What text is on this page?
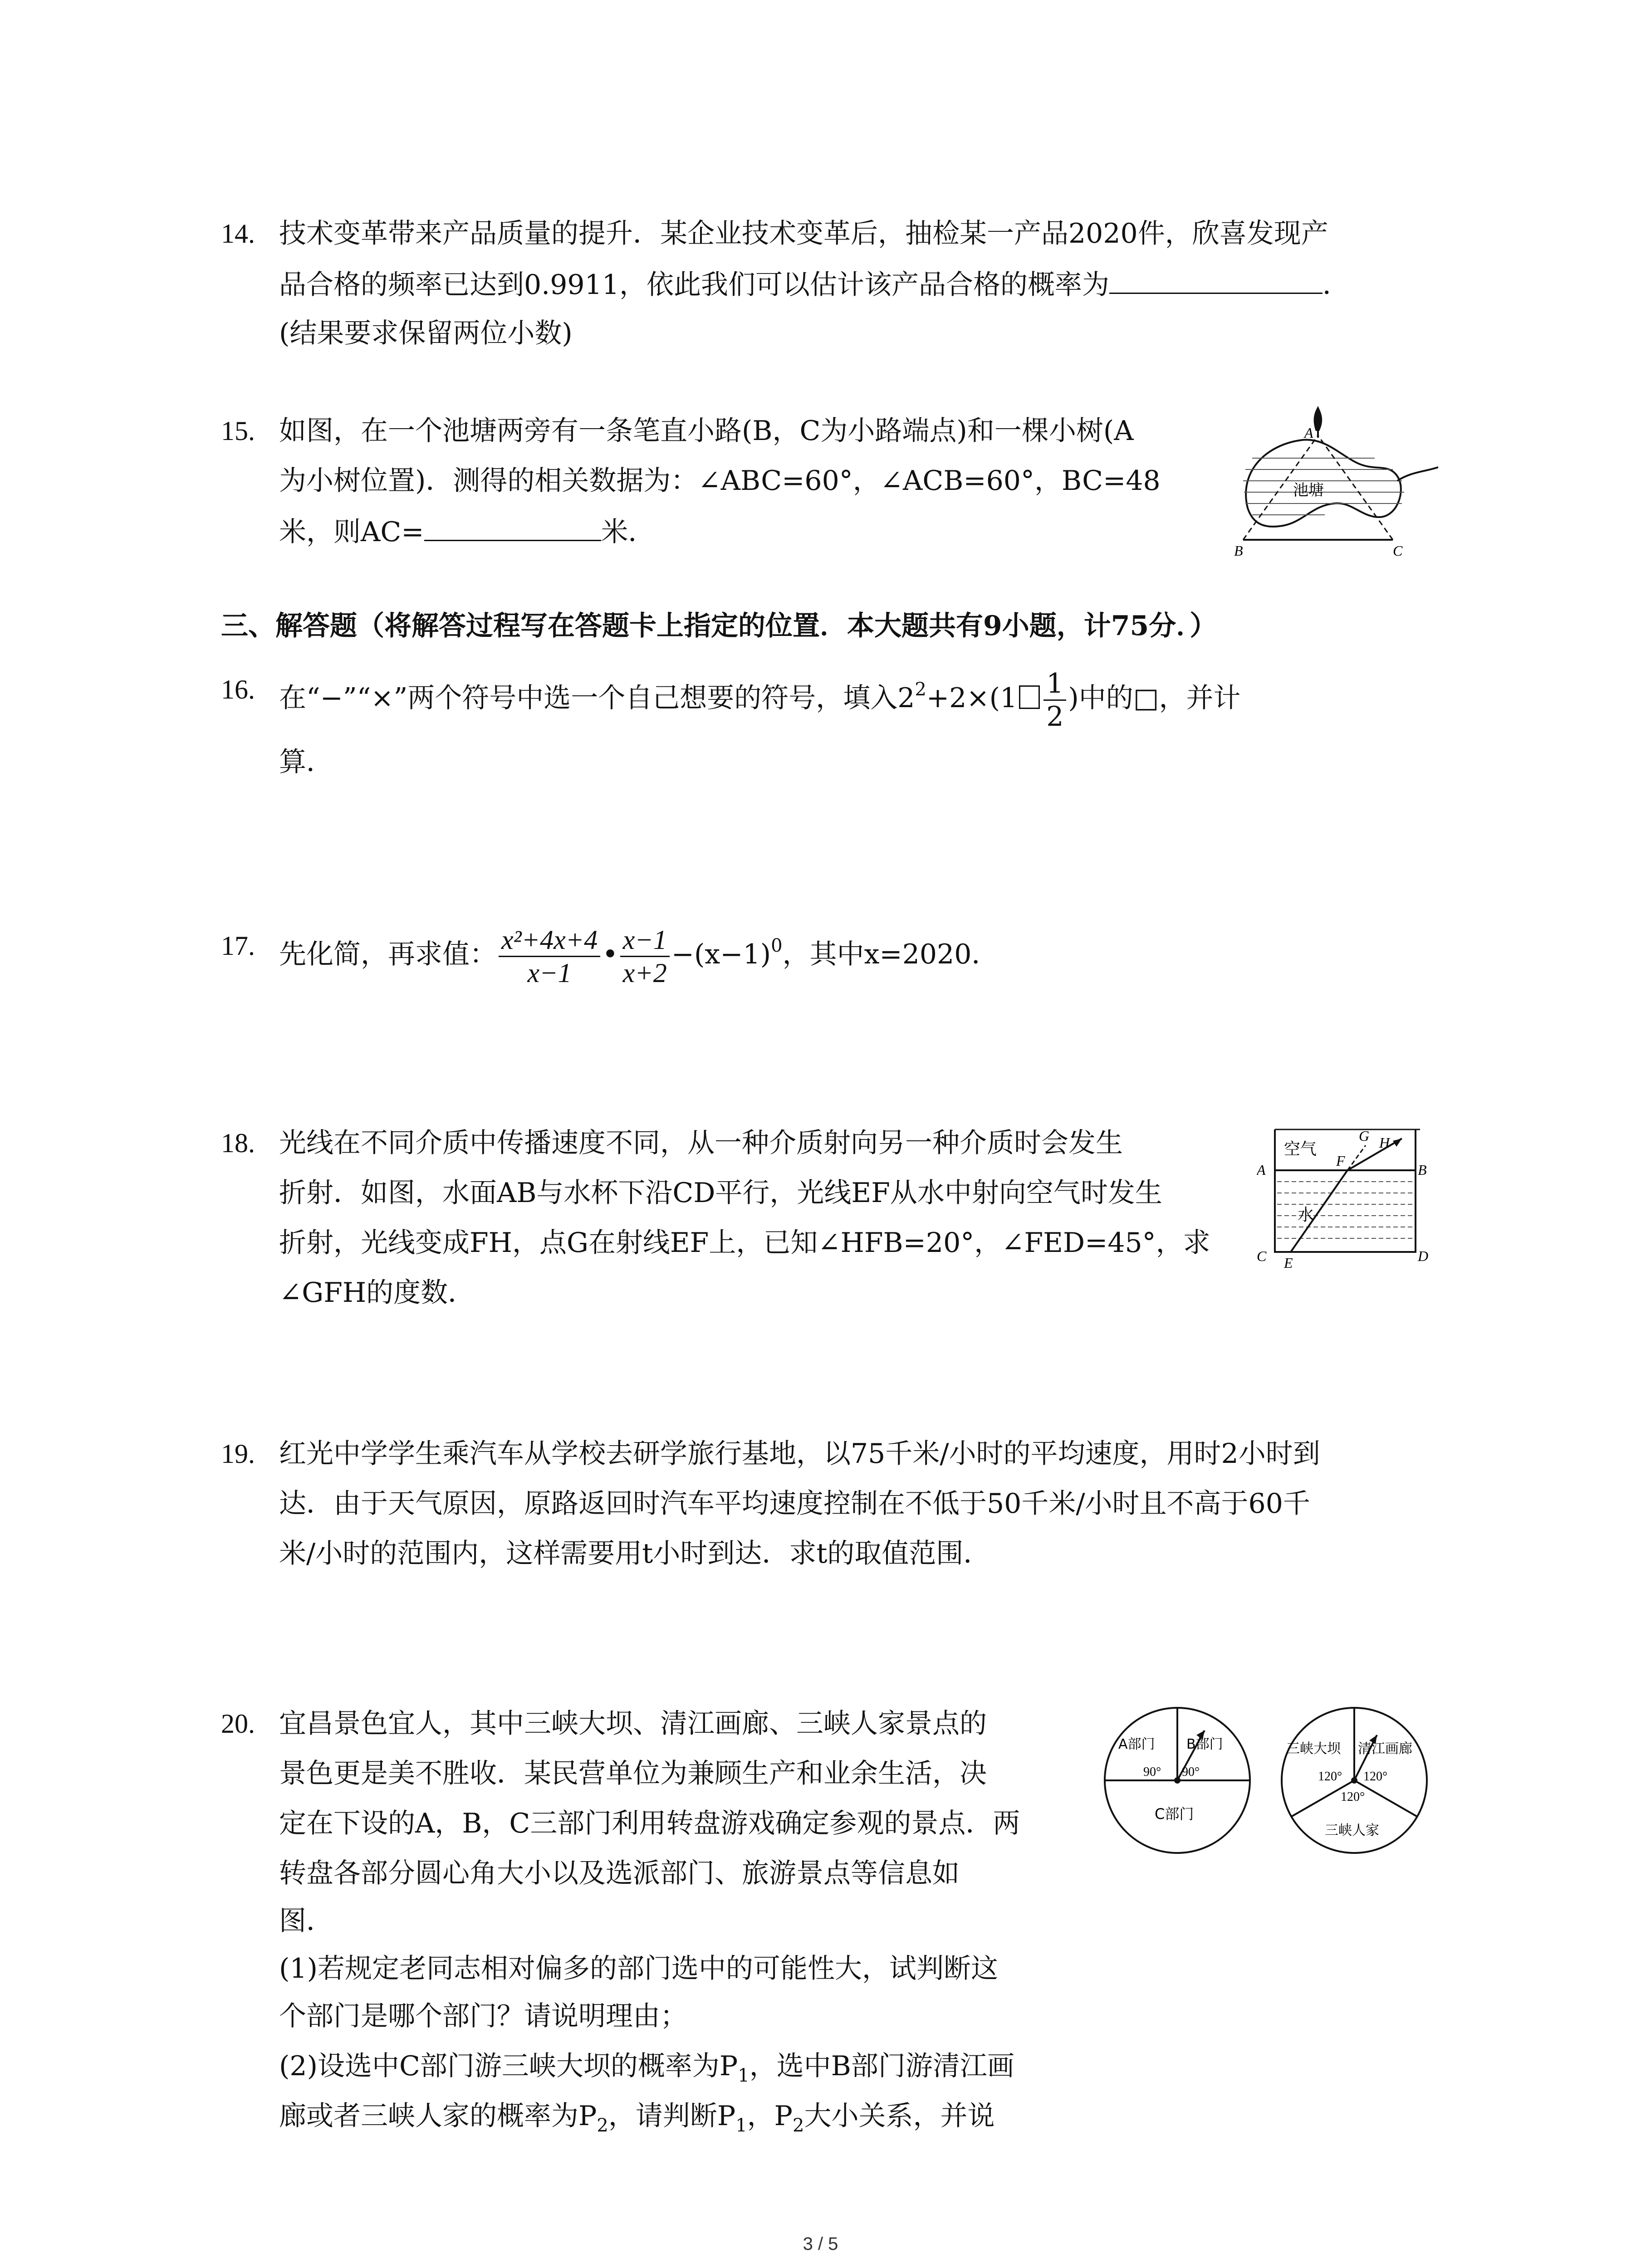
14. 技术变革带来产品质量的提升．某企业技术变革后，抽检某一产品2020件，欣喜发现产
品合格的频率已达到0.9911，依此我们可以估计该产品合格的概率为	．
(结果要求保留两位小数)
15. 如图，在一个池塘两旁有一条笔直小路(B，C为小路端点)和一棵小树(A
为小树位置)．测得的相关数据为：∠ABC=60°，∠ACB=60°，BC=48
米，则AC=	米．
A
B	C
池塘
三、解答题（将解答过程写在答题卡上指定的位置．本大题共有9小题，计75分．）
16. 在“−”“×”两个符号中选一个自己想要的符号，填入$2^2+2\times(1 \frac{1}{2}$ )中的□，并计
算．
17. 先化简，再求值： $\frac{\text{x²+4x+4}}{x-1}$ • $\frac{x-1}{x+2} -(x-1)^0$，其中x=2020．
18. 光线在不同介质中传播速度不同，从一种介质射向另一种介质时会发生
折射．如图，水面AB与水杯下沿CD平行，光线EF从水中射向空气时发生
折射，光线变成FH，点G在射线EF上，已知∠HFB=20°，∠FED=45°，求
∠GFH的度数．
空气
水
A	B
C	D
E
F
G H
19. 红光中学学生乘汽车从学校去研学旅行基地，以75千米/小时的平均速度，用时2小时到
达．由于天气原因，原路返回时汽车平均速度控制在不低于50千米/小时且不高于60千
米/小时的范围内，这样需要用t小时到达．求t的取值范围．
20. 宜昌景色宜人，其中三峡大坝、清江画廊、三峡人家景点的
景色更是美不胜收．某民营单位为兼顾生产和业余生活，决
定在下设的A，B，C三部门利用转盘游戏确定参观的景点．两
转盘各部分圆心角大小以及选派部门、旅游景点等信息如
图．
(1)若规定老同志相对偏多的部门选中的可能性大，试判断这
个部门是哪个部门？请说明理由；
(2)设选中C部门游三峡大坝的概率为$P_1$，选中B部门游清江画
廊或者三峡人家的概率为$P_2$，请判断$P_1$，$P_2$大小关系，并说
A部门 B部门
90° 90°
C部门
三峡大坝 清江画廊
三峡人家
120° 120°
120°
3 / 5
